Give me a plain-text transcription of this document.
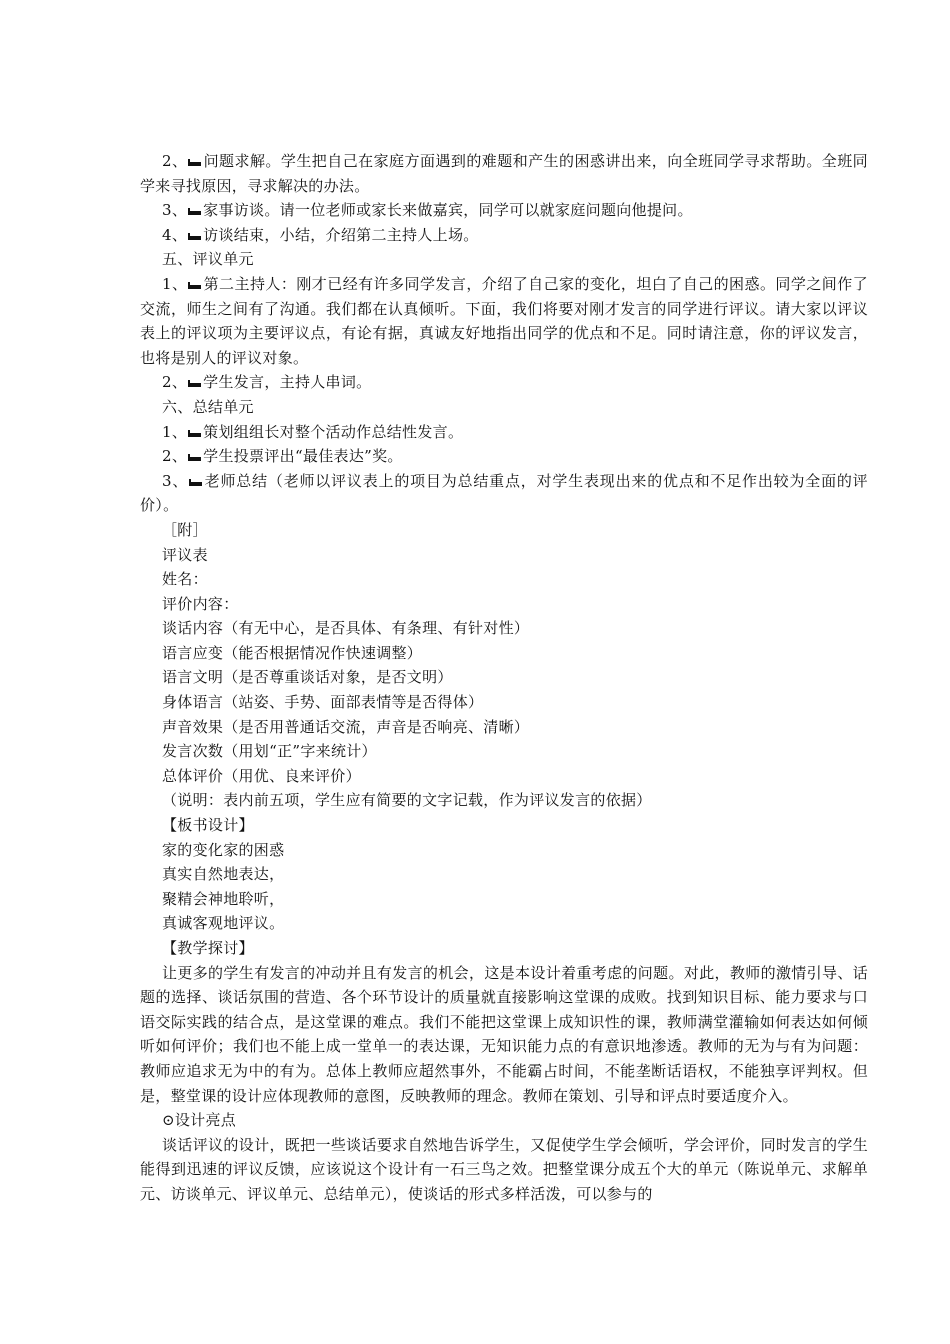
2、 问题求解。学生把自己在家庭方面遇到的难题和产生的困惑讲出来，向全班同学寻求帮助。全班同学来寻找原因，寻求解决的办法。

3、 家事访谈。请一位老师或家长来做嘉宾，同学可以就家庭问题向他提问。

4、 访谈结束，小结，介绍第二主持人上场。

五、评议单元

1、 第二主持人：刚才已经有许多同学发言，介绍了自己家的变化，坦白了自己的困惑。同学之间作了交流，师生之间有了沟通。我们都在认真倾听。下面，我们将要对刚才发言的同学进行评议。请大家以评议表上的评议项为主要评议点，有论有据，真诚友好地指出同学的优点和不足。同时请注意，你的评议发言，也将是别人的评议对象。

2、 学生发言，主持人串词。

六、总结单元

1、 策划组组长对整个活动作总结性发言。

2、 学生投票评出“最佳表达”奖。

3、 老师总结（老师以评议表上的项目为总结重点，对学生表现出来的优点和不足作出较为全面的评价）。

［附］

评议表

姓名：

评价内容：

谈话内容（有无中心，是否具体、有条理、有针对性）

语言应变（能否根据情况作快速调整）

语言文明（是否尊重谈话对象，是否文明）

身体语言（站姿、手势、面部表情等是否得体）

声音效果（是否用普通话交流，声音是否响亮、清晰）

发言次数（用划“正”字来统计）

总体评价（用优、良来评价）

（说明：表内前五项，学生应有简要的文字记载，作为评议发言的依据）

【板书设计】

家的变化家的困惑

真实自然地表达，

聚精会神地聆听，

真诚客观地评议。

【教学探讨】

让更多的学生有发言的冲动并且有发言的机会，这是本设计着重考虑的问题。对此，教师的激情引导、话题的选择、谈话氛围的营造、各个环节设计的质量就直接影响这堂课的成败。找到知识目标、能力要求与口语交际实践的结合点，是这堂课的难点。我们不能把这堂课上成知识性的课，教师满堂灌输如何表达如何倾听如何评价；我们也不能上成一堂单一的表达课，无知识能力点的有意识地渗透。教师的无为与有为问题：教师应追求无为中的有为。总体上教师应超然事外，不能霸占时间，不能垄断话语权，不能独享评判权。但是，整堂课的设计应体现教师的意图，反映教师的理念。教师在策划、引导和评点时要适度介入。

⊙设计亮点

谈话评议的设计，既把一些谈话要求自然地告诉学生，又促使学生学会倾听，学会评价，同时发言的学生能得到迅速的评议反馈，应该说这个设计有一石三鸟之效。把整堂课分成五个大的单元（陈说单元、求解单元、访谈单元、评议单元、总结单元），使谈话的形式多样活泼，可以参与的
